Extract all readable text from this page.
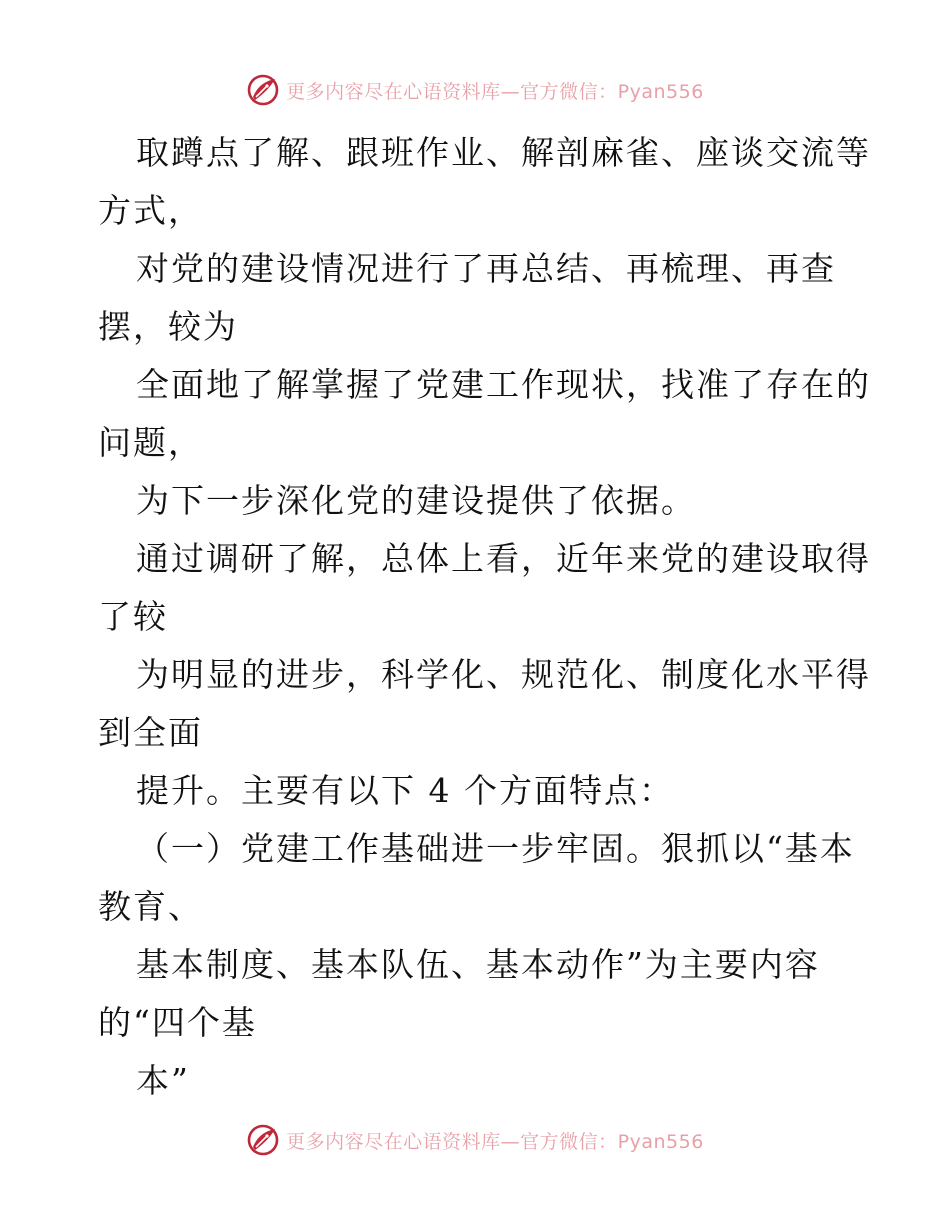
更多内容尽在心语资料库—官方微信：Pyan556
取蹲点了解、跟班作业、解剖麻雀、座谈交流等
方式，
对党的建设情况进行了再总结、再梳理、再查
摆，较为
全面地了解掌握了党建工作现状，找准了存在的
问题，
为下一步深化党的建设提供了依据。
通过调研了解，总体上看，近年来党的建设取得
了较
为明显的进步，科学化、规范化、制度化水平得
到全面
提升。主要有以下 4 个方面特点：
（一）党建工作基础进一步牢固。狠抓以“基本
教育、
基本制度、基本队伍、基本动作”为主要内容
的“四个基
本”
更多内容尽在心语资料库—官方微信：Pyan556
